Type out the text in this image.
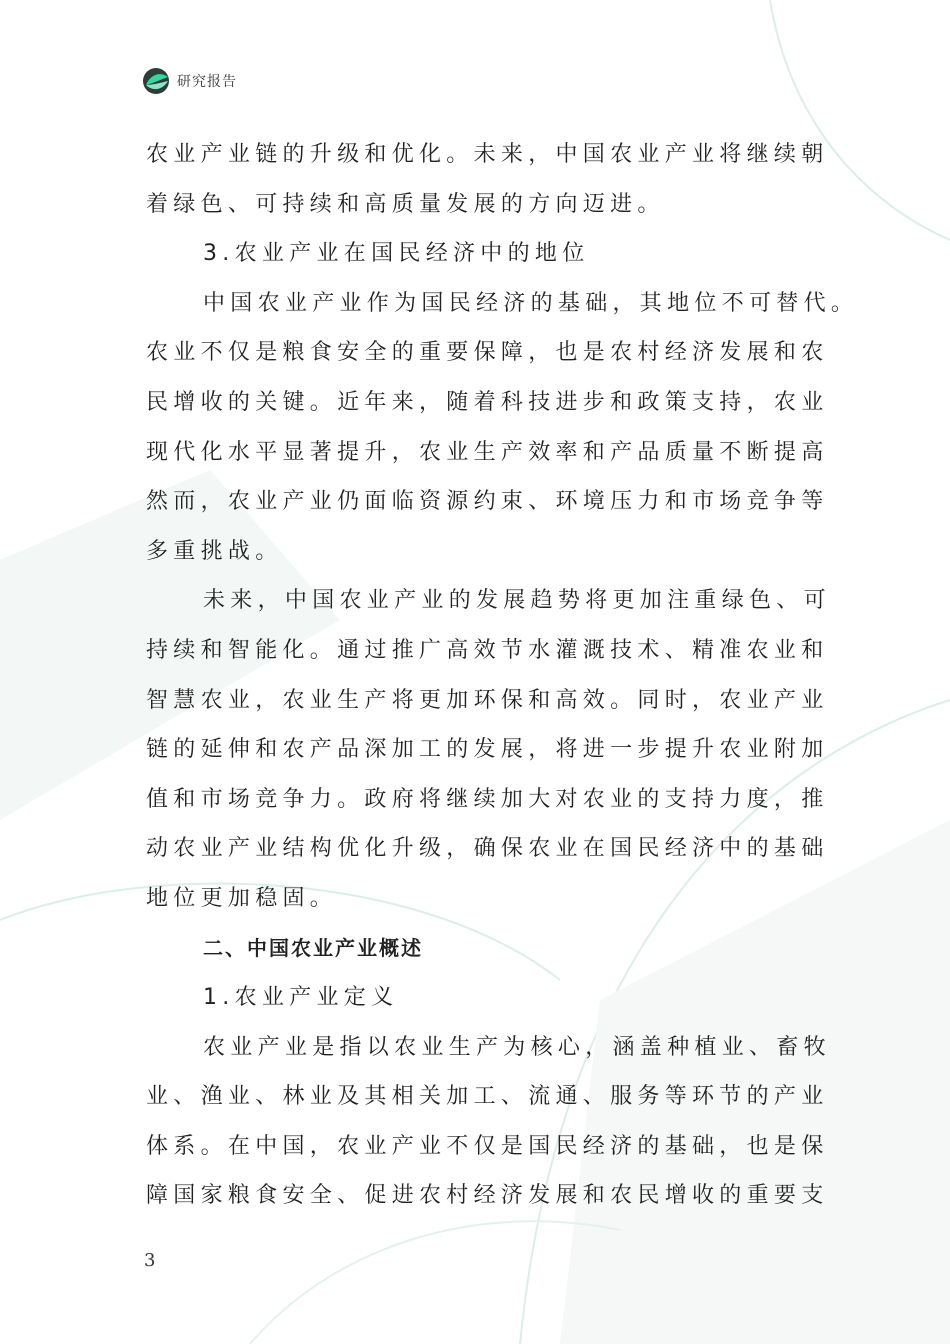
研究报告

农业产业链的升级和优化。未来，中国农业产业将继续朝

着绿色、可持续和高质量发展的方向迈进。

3.农业产业在国民经济中的地位

中国农业产业作为国民经济的基础，其地位不可替代。

农业不仅是粮食安全的重要保障，也是农村经济发展和农

民增收的关键。近年来，随着科技进步和政策支持，农业

现代化水平显著提升，农业生产效率和产品质量不断提高

然而，农业产业仍面临资源约束、环境压力和市场竞争等

多重挑战。

未来，中国农业产业的发展趋势将更加注重绿色、可

持续和智能化。通过推广高效节水灌溉技术、精准农业和

智慧农业，农业生产将更加环保和高效。同时，农业产业

链的延伸和农产品深加工的发展，将进一步提升农业附加

值和市场竞争力。政府将继续加大对农业的支持力度，推

动农业产业结构优化升级，确保农业在国民经济中的基础

地位更加稳固。

二、中国农业产业概述

1.农业产业定义

农业产业是指以农业生产为核心，涵盖种植业、畜牧

业、渔业、林业及其相关加工、流通、服务等环节的产业

体系。在中国，农业产业不仅是国民经济的基础，也是保

障国家粮食安全、促进农村经济发展和农民增收的重要支

3
